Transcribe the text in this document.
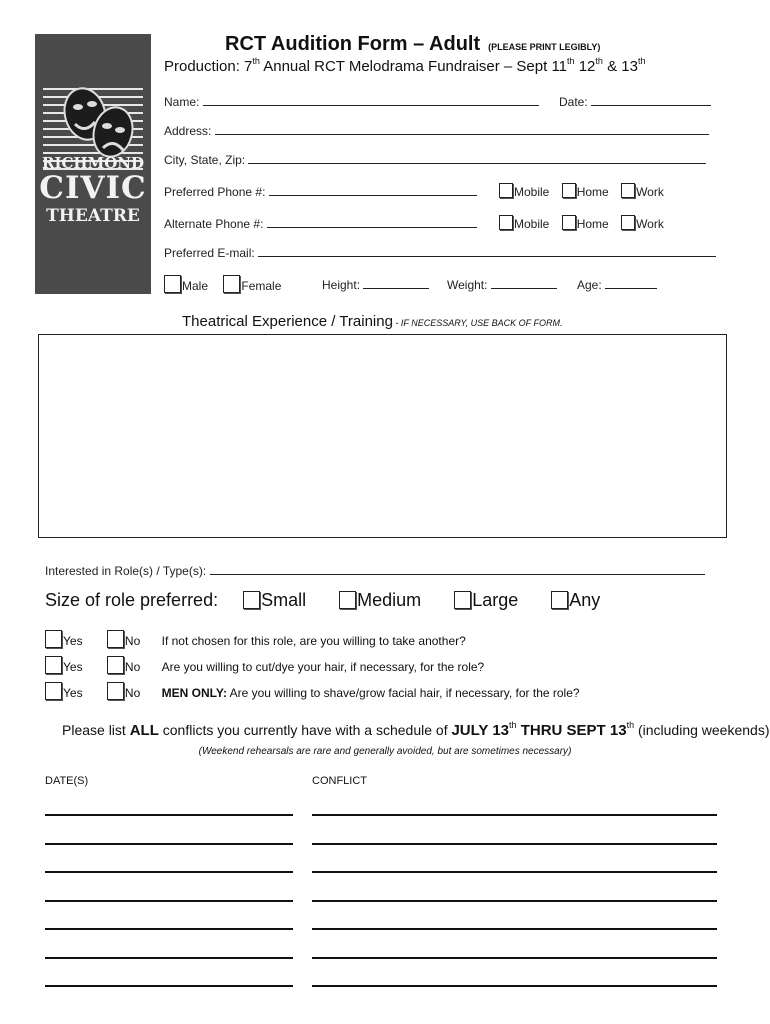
RICHMOND
CIVIC
THEATRE
RCT Audition Form – Adult (PLEASE PRINT LEGIBLY)
Production: 7th Annual RCT Melodrama Fundraiser – Sept 11th 12th & 13th
Name:	Date:
Address:
City, State, Zip:
Preferred Phone #:	Mobile Home Work
Alternate Phone #:	Mobile Home Work
Preferred E-mail:
Male	Female	Height:	Weight:	Age:
Theatrical Experience / Training - IF NECESSARY, USE BACK OF FORM.
Interested in Role(s) / Type(s):
Size of role preferred: Small	Medium	Large	Any
Yes	No If not chosen for this role, are you willing to take another?
Yes	No Are you willing to cut/dye your hair, if necessary, for the role?
Yes	No MEN ONLY: Are you willing to shave/grow facial hair, if necessary, for the role?
Please list ALL conflicts you currently have with a schedule of JULY 13th THRU SEPT 13th (including weekends)
(Weekend rehearsals are rare and generally avoided, but are sometimes necessary)
DATE(S)	CONFLICT
